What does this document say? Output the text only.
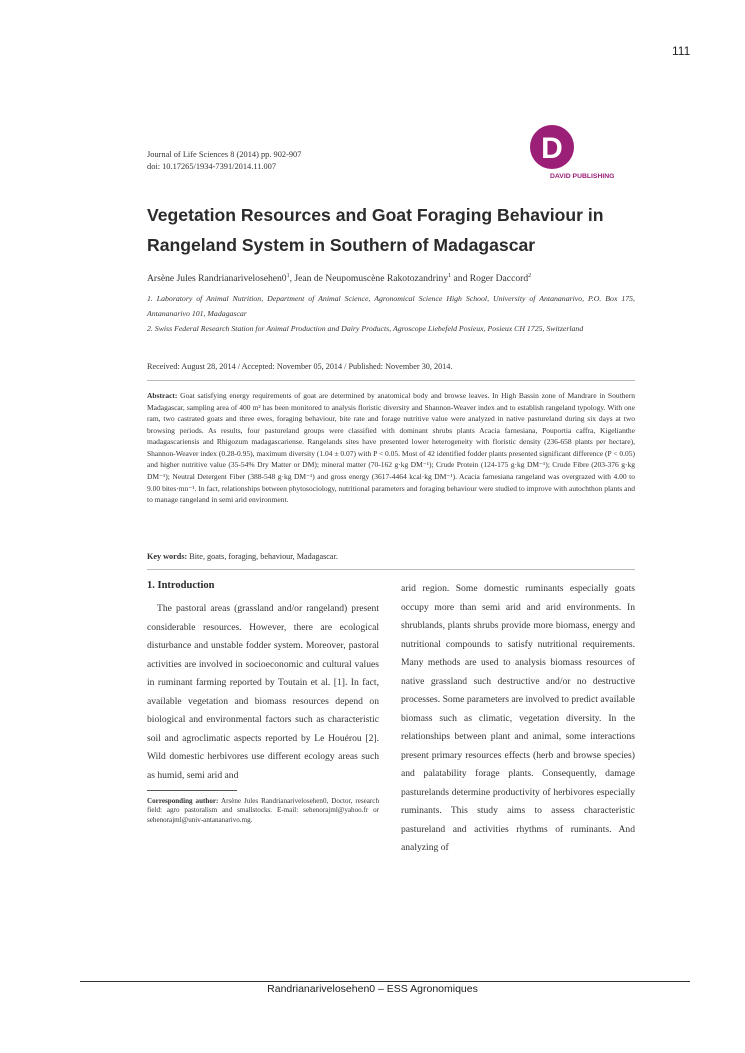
111
Journal of Life Sciences 8 (2014) pp. 902-907
doi: 10.17265/1934-7391/2014.11.007
D
DAVID PUBLISHING
Vegetation Resources and Goat Foraging Behaviour in Rangeland System in Southern of Madagascar
Arsène Jules $Randrianarivelosehen0^1$, Jean de Neupomuscène Rakotozandriny$^1$ and Roger Daccord$^2$
1. Laboratory of Animal Nutrition, Department of Animal Science, Agronomical Science High School, University of Antananarivo, P.O. Box 175, Antananarivo 101, Madagascar
2. Swiss Federal Research Station for Animal Production and Dairy Products, Agroscope Liebefeld Posieux, Posieux CH 1725, Switzerland
Received: August 28, 2014 / Accepted: November 05, 2014 / Published: November 30, 2014.
Abstract: Goat satisfying energy requirements of goat are determined by anatomical body and browse leaves. In High Bassin zone of Mandrare in Southern Madagascar, sampling area of 400 m² has been monitored to analysis floristic diversity and Shannon-Weaver index and to establish rangeland typology. With one ram, two castrated goats and three ewes, foraging behaviour, bite rate and forage nutritive value were analyzed in native pastureland during six days at two browsing periods. As results, four pastureland groups were classified with dominant shrubs plants Acacia farnesiana, Pouportia caffra, Kigelianthe madagascariensis and Rhigozum madagascariense. Rangelands sites have presented lower heterogeneity with floristic density (236-658 plants per hectare), Shannon-Weaver index (0.28-0.95), maximum diversity (1.04 ± 0.07) with P < 0.05. Most of 42 identified fodder plants presented significant difference (P < 0.05) and higher nutritive value (35-54% Dry Matter or DM); mineral matter (70-162 g·kg DM⁻¹); Crude Protein (124-175 g·kg DM⁻¹); Crude Fibre (203-376 g·kg DM⁻¹); Neutral Detergent Fiber (388-548 g·kg DM⁻¹) and gross energy (3617-4464 kcal·kg DM⁻¹). Acacia farnesiana rangeland was overgrazed with 4.00 to 9.00 bites·mn⁻¹. In fact, relationships between phytosociology, nutritional parameters and foraging behaviour were studied to improve with autochthon plants and to manage rangeland in semi arid environment.
Key words: Bite, goats, foraging, behaviour, Madagascar.
1. Introduction
The pastoral areas (grassland and/or rangeland) present considerable resources. However, there are ecological disturbance and unstable fodder system. Moreover, pastoral activities are involved in socioeconomic and cultural values in ruminant farming reported by Toutain et al. [1]. In fact, available vegetation and biomass resources depend on biological and environmental factors such as characteristic soil and agroclimatic aspects reported by Le Houérou [2]. Wild domestic herbivores use different ecology areas such as humid, semi arid and
arid region. Some domestic ruminants especially goats occupy more than semi arid and arid environments. In shrublands, plants shrubs provide more biomass, energy and nutritional compounds to satisfy nutritional requirements. Many methods are used to analysis biomass resources of native grassland such destructive and/or no destructive processes. Some parameters are involved to predict available biomass such as climatic, vegetation diversity. In the relationships between plant and animal, some interactions present primary resources effects (herb and browse species) and palatability forage plants. Consequently, damage pasturelands determine productivity of herbivores especially ruminants. This study aims to assess characteristic pastureland and activities rhythms of ruminants. And analyzing of
Corresponding author: Arsène Jules Randrianarivelosehen0, Doctor, research field: agro pastoralism and smallstocks. E-mail: sehenorajml@yahoo.fr or sehenorajml@univ-antananarivo.mg.
Randrianarivelosehen0 – ESS Agronomiques
